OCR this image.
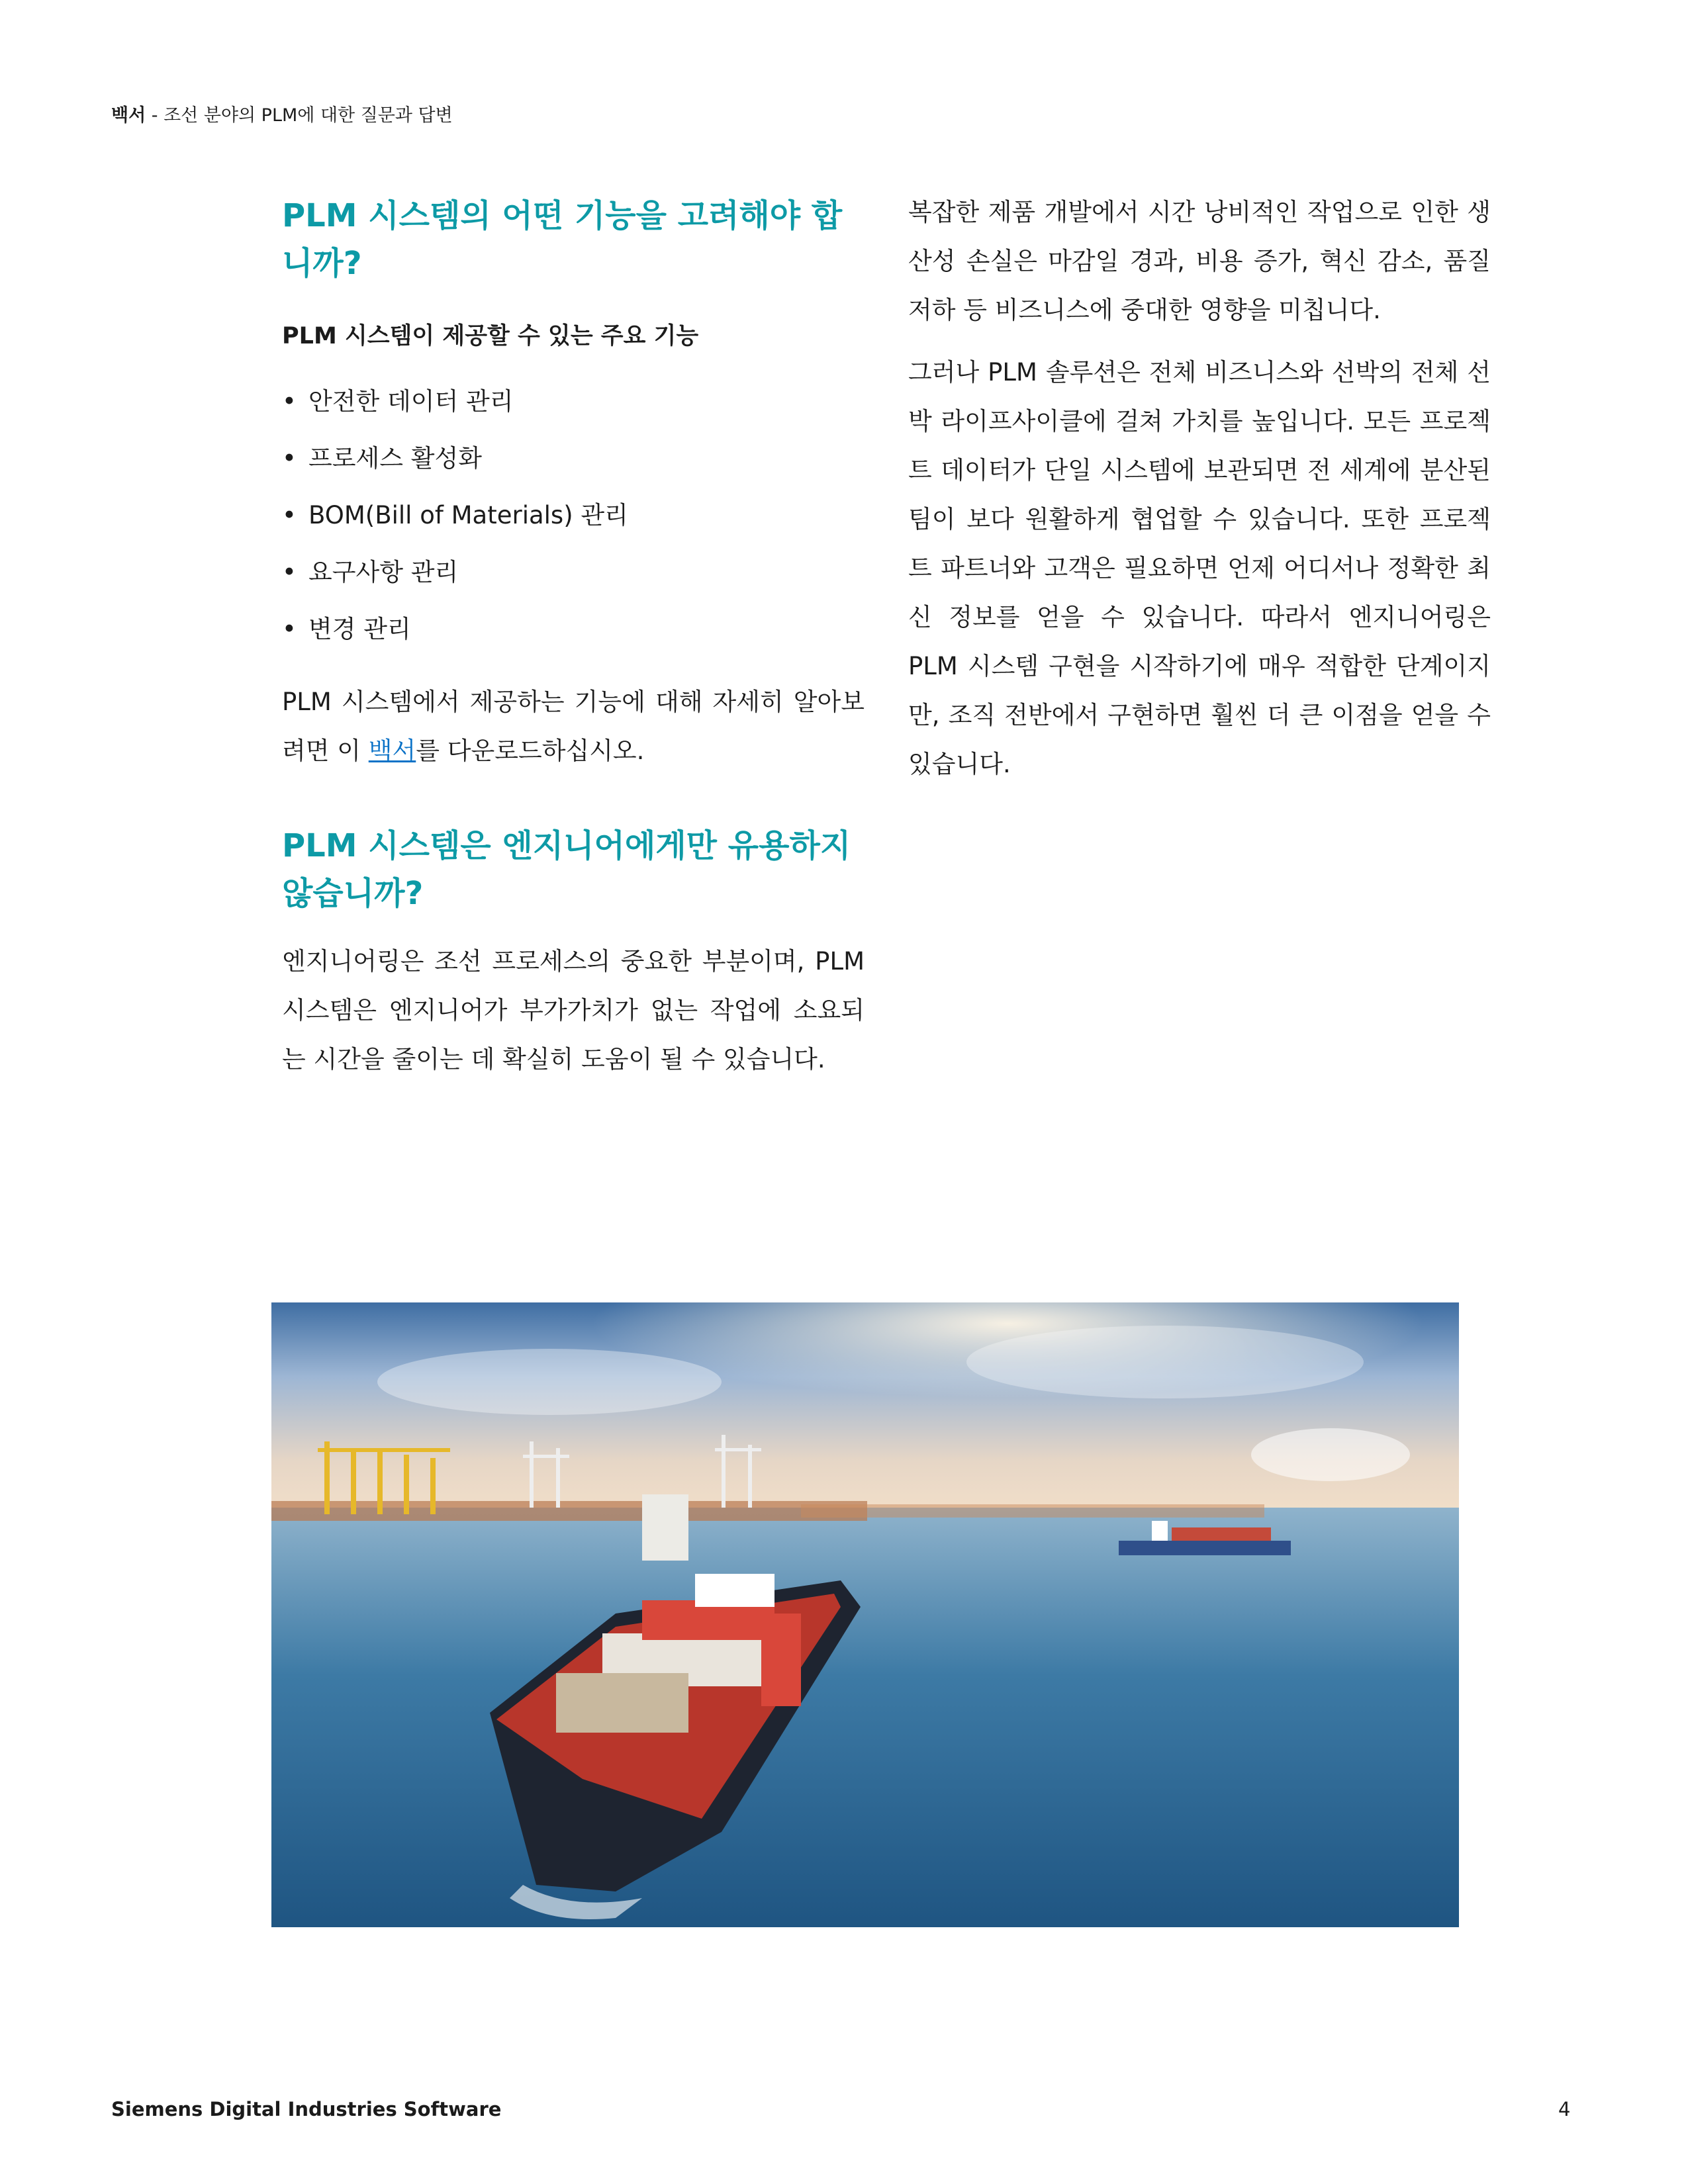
백서 - 조선 분야의 PLM에 대한 질문과 답변
PLM 시스템의 어떤 기능을 고려해야 합니까?
PLM 시스템이 제공할 수 있는 주요 기능
• 안전한 데이터 관리
• 프로세스 활성화
• BOM(Bill of Materials) 관리
• 요구사항 관리
• 변경 관리

PLM 시스템에서 제공하는 기능에 대해 자세히 알아보려면 이 백서를 다운로드하십시오.

PLM 시스템은 엔지니어에게만 유용하지 않습니까?

엔지니어링은 조선 프로세스의 중요한 부분이며, PLM 시스템은 엔지니어가 부가가치가 없는 작업에 소요되는 시간을 줄이는 데 확실히 도움이 될 수 있습니다.

복잡한 제품 개발에서 시간 낭비적인 작업으로 인한 생산성 손실은 마감일 경과, 비용 증가, 혁신 감소, 품질 저하 등 비즈니스에 중대한 영향을 미칩니다.

그러나 PLM 솔루션은 전체 비즈니스와 선박의 전체 선박 라이프사이클에 걸쳐 가치를 높입니다. 모든 프로젝트 데이터가 단일 시스템에 보관되면 전 세계에 분산된 팀이 보다 원활하게 협업할 수 있습니다. 또한 프로젝트 파트너와 고객은 필요하면 언제 어디서나 정확한 최신 정보를 얻을 수 있습니다. 따라서 엔지니어링은 PLM 시스템 구현을 시작하기에 매우 적합한 단계이지만, 조직 전반에서 구현하면 훨씬 더 큰 이점을 얻을 수 있습니다.

Siemens Digital Industries Software	4
